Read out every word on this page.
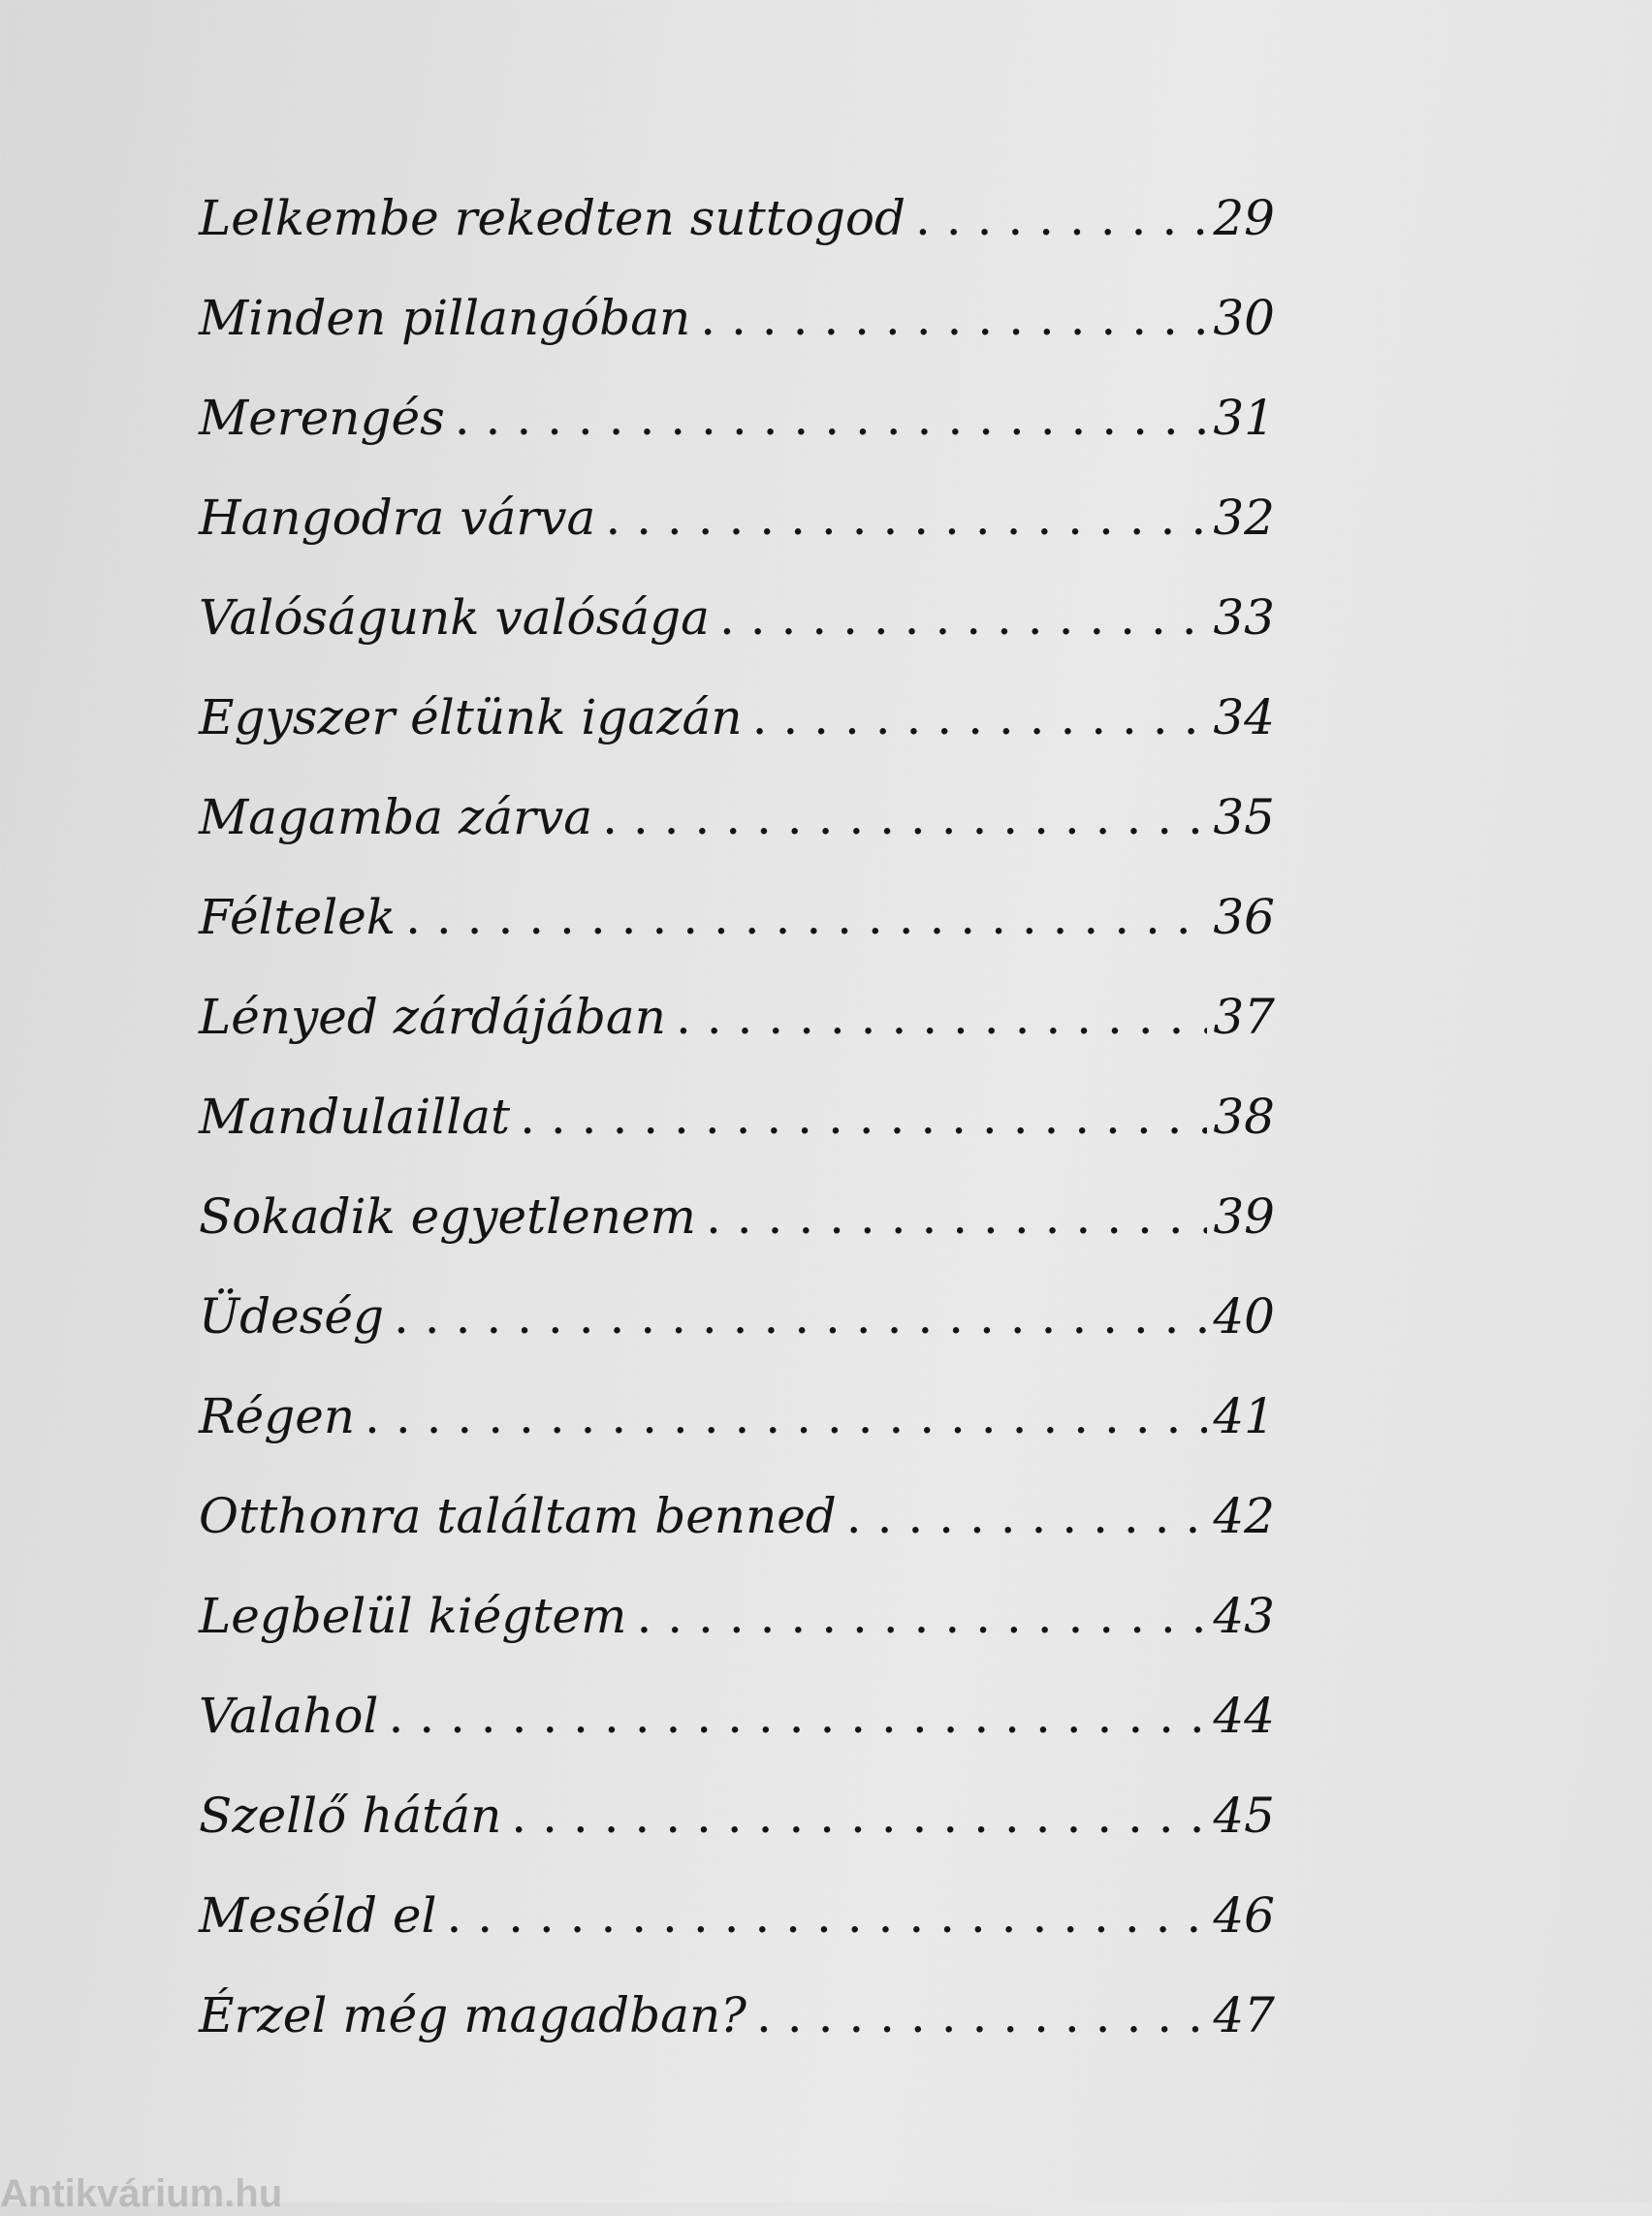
Lelkembe rekedten suttogod . . .	29
Minden pillangóban . . .	30
Merengés . . .	31
Hangodra várva . . .	32
Valóságunk valósága . . .	33
Egyszer éltünk igazán . . .	34
Magamba zárva . . .	35
Féltelek . . .	36
Lényed zárdájában . . .	37
Mandulaillat . . .	38
Sokadik egyetlenem . . .	39
Üdeség . . .	40
Régen . . .	41
Otthonra találtam benned . . .	42
Legbelül kiégtem . . .	43
Valahol . . .	44
Szellő hátán . . .	45
Meséld el . . .	46
Érzel még magadban? . . .	47
Antikvárium.hu
